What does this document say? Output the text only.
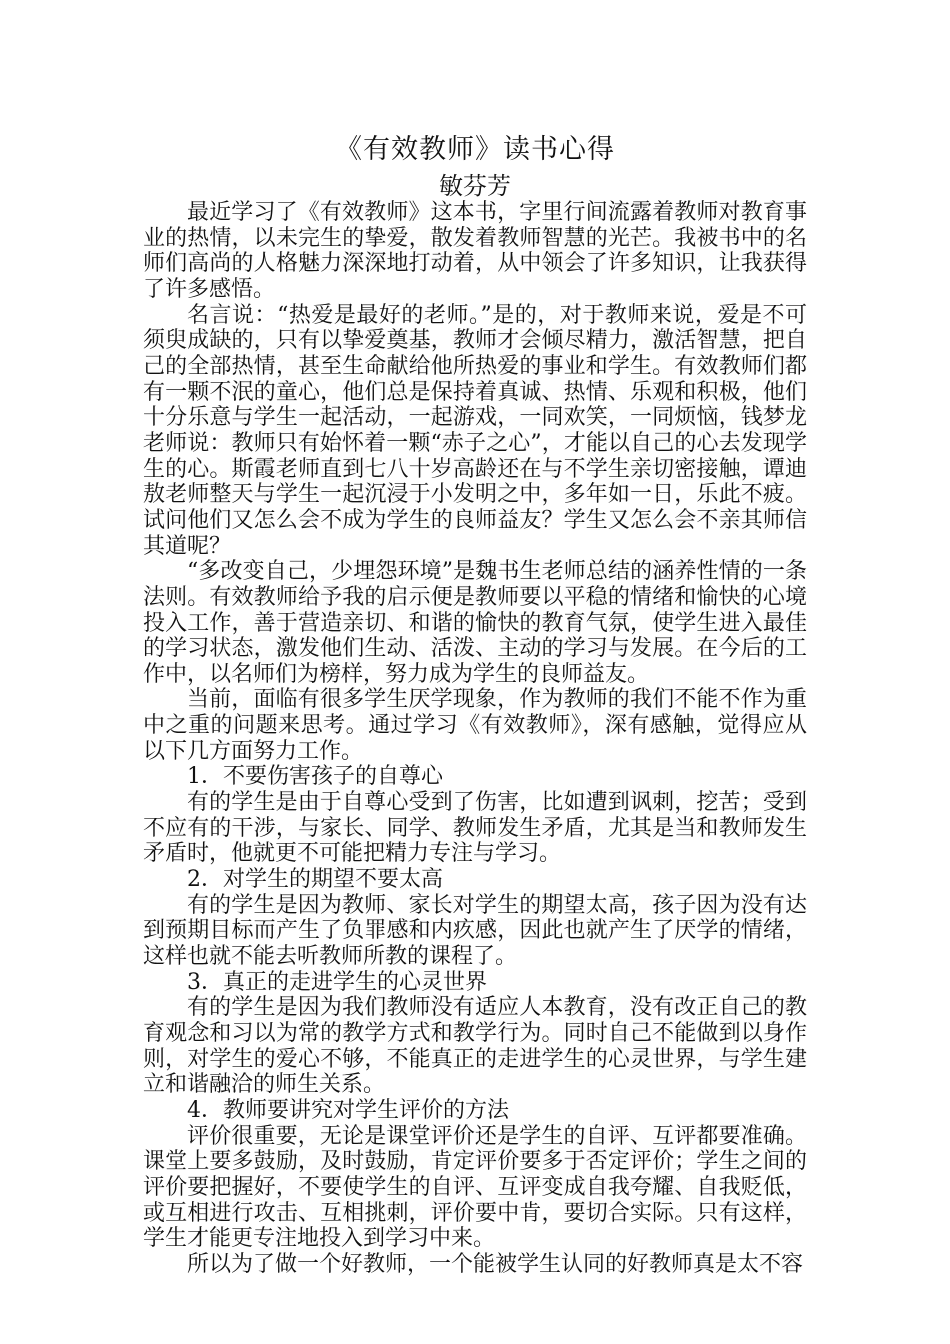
《有效教师》读书心得
敏芬芳

最近学习了《有效教师》这本书，字里行间流露着教师对教育事业的热情，以未完生的挚爱，散发着教师智慧的光芒。我被书中的名师们高尚的人格魅力深深地打动着，从中领会了许多知识，让我获得了许多感悟。

名言说：“热爱是最好的老师。”是的，对于教师来说，爱是不可须臾成缺的，只有以挚爱奠基，教师才会倾尽精力，激活智慧，把自己的全部热情，甚至生命献给他所热爱的事业和学生。有效教师们都有一颗不泯的童心，他们总是保持着真诚、热情、乐观和积极，他们十分乐意与学生一起活动，一起游戏，一同欢笑，一同烦恼，钱梦龙老师说：教师只有始怀着一颗“赤子之心”，才能以自己的心去发现学生的心。斯霞老师直到七八十岁高龄还在与不学生亲切密接触，谭迪敖老师整天与学生一起沉浸于小发明之中，多年如一日，乐此不疲。试问他们又怎么会不成为学生的良师益友？学生又怎么会不亲其师信其道呢？

“多改变自己，少埋怨环境”是魏书生老师总结的涵养性情的一条法则。有效教师给予我的启示便是教师要以平稳的情绪和愉快的心境投入工作，善于营造亲切、和谐的愉快的教育气氛，使学生进入最佳的学习状态，激发他们生动、活泼、主动的学习与发展。在今后的工作中，以名师们为榜样，努力成为学生的良师益友。

当前，面临有很多学生厌学现象，作为教师的我们不能不作为重中之重的问题来思考。通过学习《有效教师》，深有感触，觉得应从以下几方面努力工作。

1．不要伤害孩子的自尊心

有的学生是由于自尊心受到了伤害，比如遭到讽刺，挖苦；受到不应有的干涉，与家长、同学、教师发生矛盾，尤其是当和教师发生矛盾时，他就更不可能把精力专注与学习。

2．对学生的期望不要太高

有的学生是因为教师、家长对学生的期望太高，孩子因为没有达到预期目标而产生了负罪感和内疚感，因此也就产生了厌学的情绪，这样也就不能去听教师所教的课程了。

3．真正的走进学生的心灵世界

有的学生是因为我们教师没有适应人本教育，没有改正自己的教育观念和习以为常的教学方式和教学行为。同时自己不能做到以身作则，对学生的爱心不够，不能真正的走进学生的心灵世界，与学生建立和谐融洽的师生关系。

4．教师要讲究对学生评价的方法

评价很重要，无论是课堂评价还是学生的自评、互评都要准确。课堂上要多鼓励，及时鼓励，肯定评价要多于否定评价；学生之间的评价要把握好，不要使学生的自评、互评变成自我夸耀、自我贬低，或互相进行攻击、互相挑刺，评价要中肯，要切合实际。只有这样，学生才能更专注地投入到学习中来。

所以为了做一个好教师，一个能被学生认同的好教师真是太不容
